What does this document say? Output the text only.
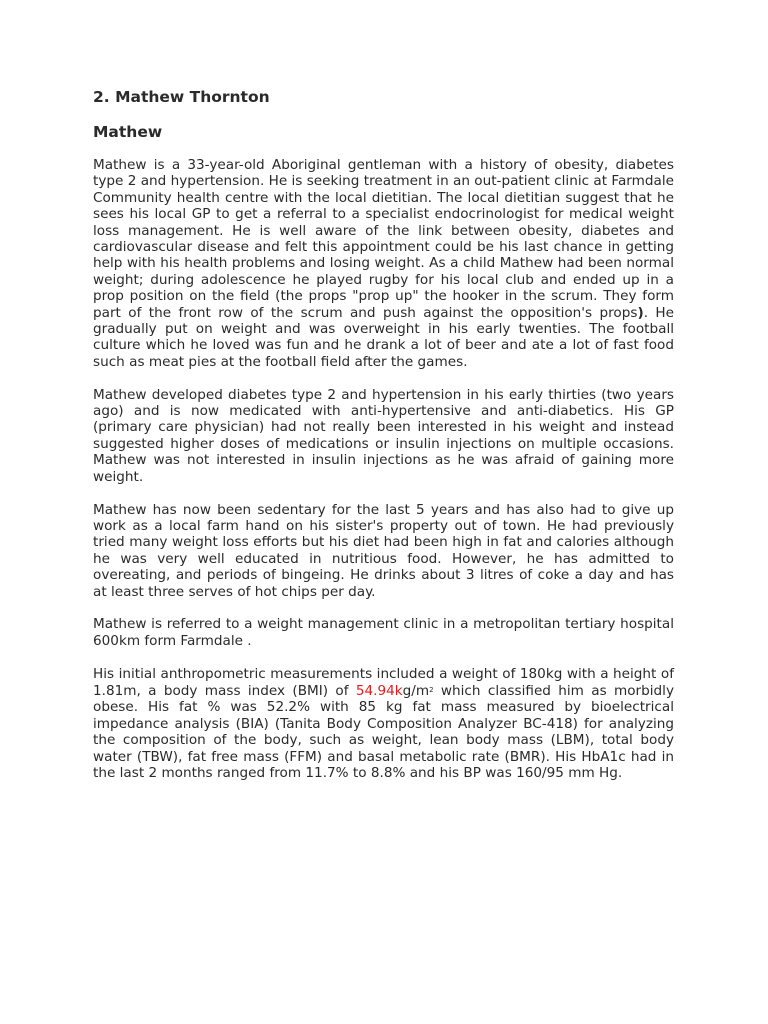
2. Mathew Thornton
Mathew

Mathew is a 33-year-old Aboriginal gentleman with a history of obesity, diabetes type 2 and hypertension. He is seeking treatment in an out-patient clinic at Farmdale Community health centre with the local dietitian. The local dietitian suggest that he sees his local GP to get a referral to a specialist endocrinologist for medical weight loss management. He is well aware of the link between obesity, diabetes and cardiovascular disease and felt this appointment could be his last chance in getting help with his health problems and losing weight. As a child Mathew had been normal weight; during adolescence he played rugby for his local club and ended up in a prop position on the field (the props "prop up" the hooker in the scrum. They form part of the front row of the scrum and push against the opposition's props). He gradually put on weight and was overweight in his early twenties. The football culture which he loved was fun and he drank a lot of beer and ate a lot of fast food such as meat pies at the football field after the games.

Mathew developed diabetes type 2 and hypertension in his early thirties (two years ago) and is now medicated with anti-hypertensive and anti-diabetics. His GP (primary care physician) had not really been interested in his weight and instead suggested higher doses of medications or insulin injections on multiple occasions. Mathew was not interested in insulin injections as he was afraid of gaining more weight.

Mathew has now been sedentary for the last 5 years and has also had to give up work as a local farm hand on his sister's property out of town. He had previously tried many weight loss efforts but his diet had been high in fat and calories although he was very well educated in nutritious food. However, he has admitted to overeating, and periods of bingeing. He drinks about 3 litres of coke a day and has at least three serves of hot chips per day.

Mathew is referred to a weight management clinic in a metropolitan tertiary hospital 600km form Farmdale .

His initial anthropometric measurements included a weight of 180kg with a height of 1.81m, a body mass index (BMI) of $54.94kg/m^2$ which classified him as morbidly obese. His fat % was 52.2% with 85 kg fat mass measured by bioelectrical impedance analysis (BIA) (Tanita Body Composition Analyzer BC-418) for analyzing the composition of the body, such as weight, lean body mass (LBM), total body water (TBW), fat free mass (FFM) and basal metabolic rate (BMR). His HbA1c had in the last 2 months ranged from 11.7% to 8.8% and his BP was 160/95 mm Hg.
